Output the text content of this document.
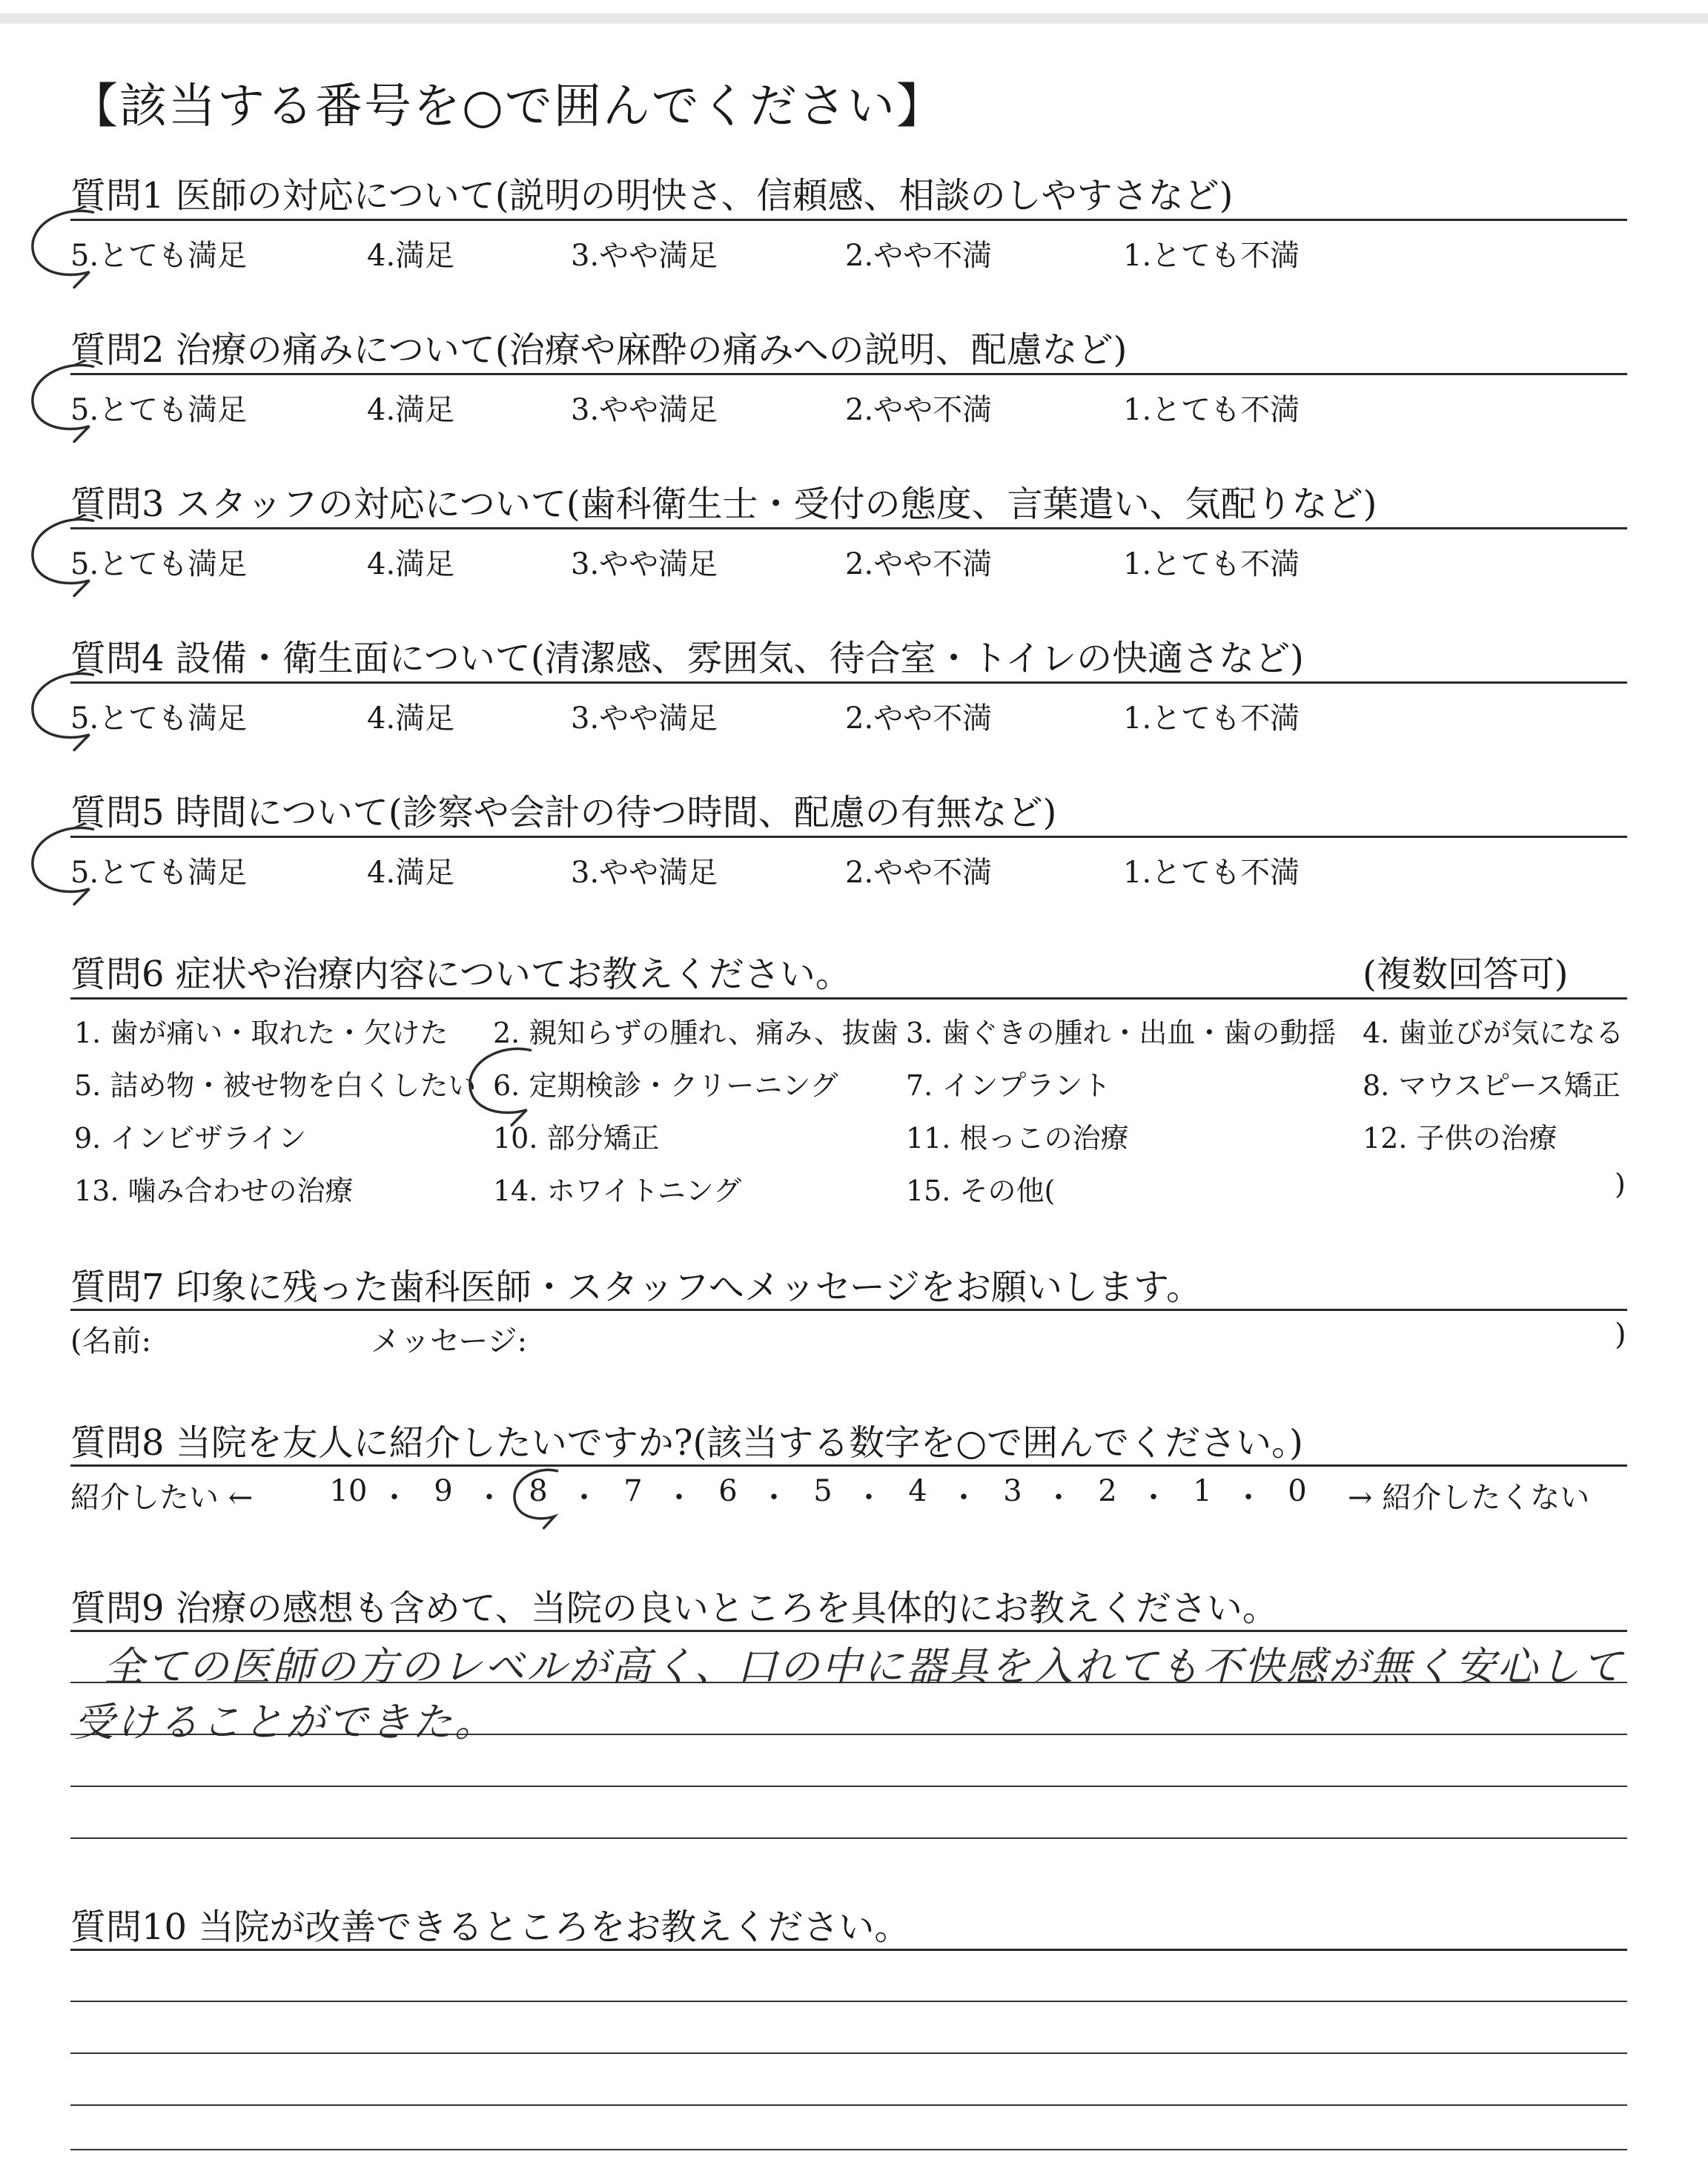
【該当する番号を○で囲んでください】
質問1 医師の対応について(説明の明快さ、信頼感、相談のしやすさなど)
5.とても満足	4.満足	3.やや満足	2.やや不満	1.とても不満
質問2 治療の痛みについて(治療や麻酔の痛みへの説明、配慮など)
5.とても満足	4.満足	3.やや満足	2.やや不満	1.とても不満
質問3 スタッフの対応について(歯科衛生士・受付の態度、言葉遣い、気配りなど)
5.とても満足	4.満足	3.やや満足	2.やや不満	1.とても不満
質問4 設備・衛生面について(清潔感、雰囲気、待合室・トイレの快適さなど)
5.とても満足	4.満足	3.やや満足	2.やや不満	1.とても不満
質問5 時間について(診察や会計の待つ時間、配慮の有無など)
5.とても満足	4.満足	3.やや満足	2.やや不満	1.とても不満
質問6 症状や治療内容についてお教えください。	(複数回答可)
1. 歯が痛い・取れた・欠けた 2. 親知らずの腫れ、痛み、抜歯 3. 歯ぐきの腫れ・出血・歯の動揺 4. 歯並びが気になる
5. 詰め物・被せ物を白くしたい 6. 定期検診・クリーニング 7. インプラント	8. マウスピース矯正
9. インビザライン	10. 部分矯正	11. 根っこの治療	12. 子供の治療
13. 噛み合わせの治療	14. ホワイトニング	15. その他(	)
質問7 印象に残った歯科医師・スタッフへメッセージをお願いします。
(名前:	メッセージ:	)
質問8 当院を友人に紹介したいですか?(該当する数字を○で囲んでください。)
紹介したい ←	10 ・ 9 ・ 8 ・ 7 ・ 6 ・ 5 ・ 4 ・ 3 ・ 2 ・ 1 ・ 0	→ 紹介したくない
質問9 治療の感想も含めて、当院の良いところを具体的にお教えください。
全ての医師の方のレベルが高く、口の中に器具を入れても不快感が無く安心して
受けることができた。
質問10 当院が改善できるところをお教えください。
